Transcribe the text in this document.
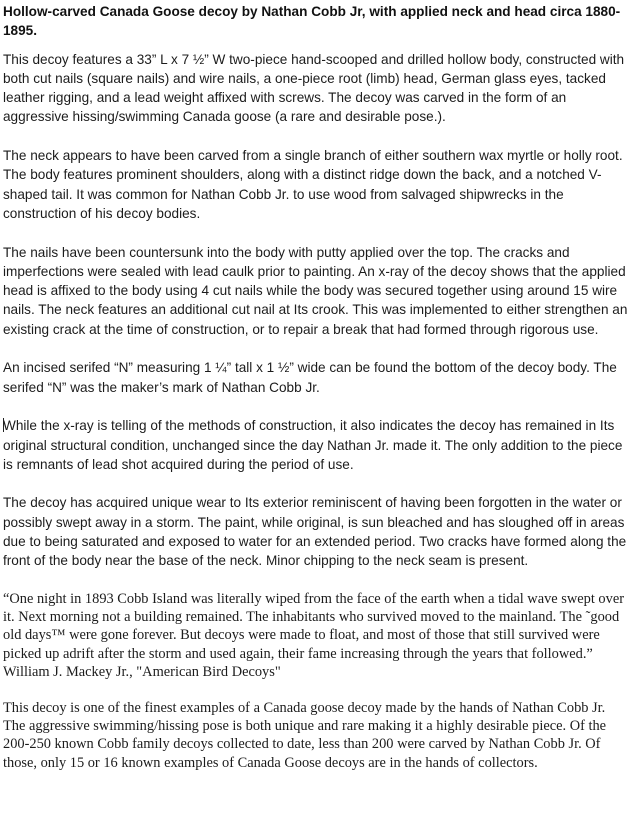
Hollow-carved Canada Goose decoy by Nathan Cobb Jr, with applied neck and head circa 1880-1895.

This decoy features a 33” L x 7 ½” W two-piece hand-scooped and drilled hollow body, constructed with both cut nails (square nails) and wire nails, a one-piece root (limb) head, German glass eyes, tacked leather rigging, and a lead weight affixed with screws. The decoy was carved in the form of an aggressive hissing/swimming Canada goose (a rare and desirable pose.).

The neck appears to have been carved from a single branch of either southern wax myrtle or holly root. The body features prominent shoulders, along with a distinct ridge down the back, and a notched V-shaped tail. It was common for Nathan Cobb Jr. to use wood from salvaged shipwrecks in the construction of his decoy bodies.

The nails have been countersunk into the body with putty applied over the top. The cracks and imperfections were sealed with lead caulk prior to painting. An x-ray of the decoy shows that the applied head is affixed to the body using 4 cut nails while the body was secured together using around 15 wire nails. The neck features an additional cut nail at Its crook. This was implemented to either strengthen an existing crack at the time of construction, or to repair a break that had formed through rigorous use.

An incised serifed “N” measuring 1 ¼” tall x 1 ½” wide can be found the bottom of the decoy body. The serifed “N” was the maker’s mark of Nathan Cobb Jr.

While the x-ray is telling of the methods of construction, it also indicates the decoy has remained in Its original structural condition, unchanged since the day Nathan Jr. made it. The only addition to the piece is remnants of lead shot acquired during the period of use.

The decoy has acquired unique wear to Its exterior reminiscent of having been forgotten in the water or possibly swept away in a storm. The paint, while original, is sun bleached and has sloughed off in areas due to being saturated and exposed to water for an extended period. Two cracks have formed along the front of the body near the base of the neck. Minor chipping to the neck seam is present.

“One night in 1893 Cobb Island was literally wiped from the face of the earth when a tidal wave swept over it. Next morning not a building remained. The inhabitants who survived moved to the mainland. The ˜good old days™ were gone forever. But decoys were made to float, and most of those that still survived were picked up adrift after the storm and used again, their fame increasing through the years that followed.” William J. Mackey Jr., "American Bird Decoys"

This decoy is one of the finest examples of a Canada goose decoy made by the hands of Nathan Cobb Jr. The aggressive swimming/hissing pose is both unique and rare making it a highly desirable piece. Of the 200-250 known Cobb family decoys collected to date, less than 200 were carved by Nathan Cobb Jr. Of those, only 15 or 16 known examples of Canada Goose decoys are in the hands of collectors.
